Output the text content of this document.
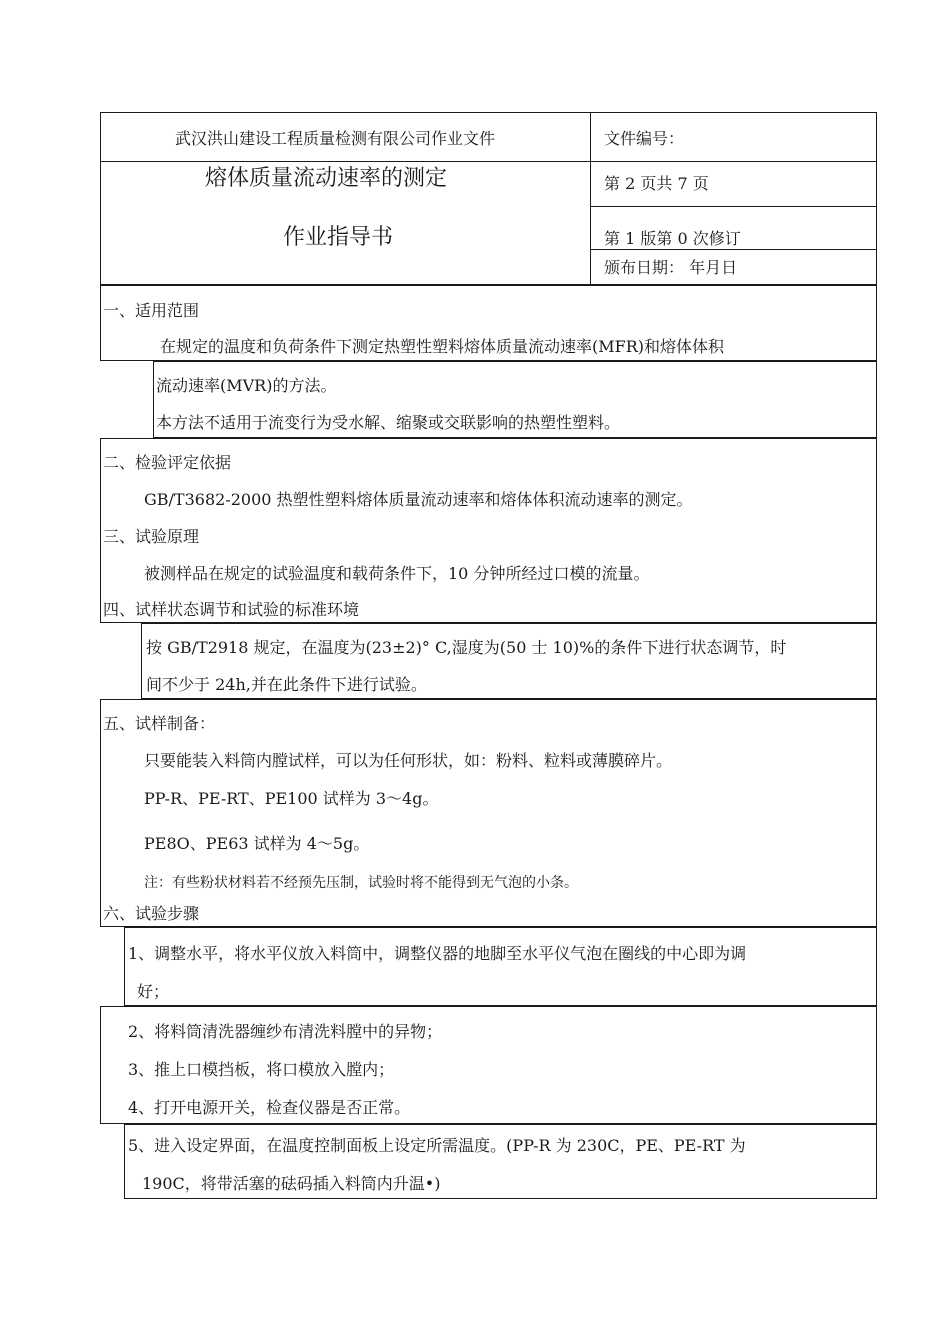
武汉洪山建设工程质量检测有限公司作业文件	文件编号：
熔体质量流动速率的测定
作业指导书
第 2 页共 7 页
第 1 版第 0 次修订
颁布日期： 年月日
一、适用范围
在规定的温度和负荷条件下测定热塑性塑料熔体质量流动速率(MFR)和熔体体积
流动速率(MVR)的方法。
本方法不适用于流变行为受水解、缩聚或交联影响的热塑性塑料。
二、检验评定依据
GB/T3682-2000 热塑性塑料熔体质量流动速率和熔体体积流动速率的测定。
三、试验原理
被测样品在规定的试验温度和载荷条件下，10 分钟所经过口模的流量。
四、试样状态调节和试验的标准环境
按 GB/T2918 规定，在温度为(23±2)° C,湿度为(50 士 10)%的条件下进行状态调节，时
间不少于 24h,并在此条件下进行试验。
五、试样制备：
只要能装入料筒内膛试样，可以为任何形状，如：粉料、粒料或薄膜碎片。
PP-R、PE-RT、PE100 试样为 3〜4g。
PE8O、PE63 试样为 4〜5g。
注：有些粉状材料若不经预先压制，试验时将不能得到无气泡的小条。
六、试验步骤
1、调整水平，将水平仪放入料筒中，调整仪器的地脚至水平仪气泡在圈线的中心即为调
好；
2、将料筒清洗器缠纱布清洗料膛中的异物；
3、推上口模挡板，将口模放入膛内；
4、打开电源开关，检查仪器是否正常。
5、进入设定界面，在温度控制面板上设定所需温度。(PP-R 为 230C，PE、PE-RT 为
190C，将带活塞的砝码插入料筒内升温•)
